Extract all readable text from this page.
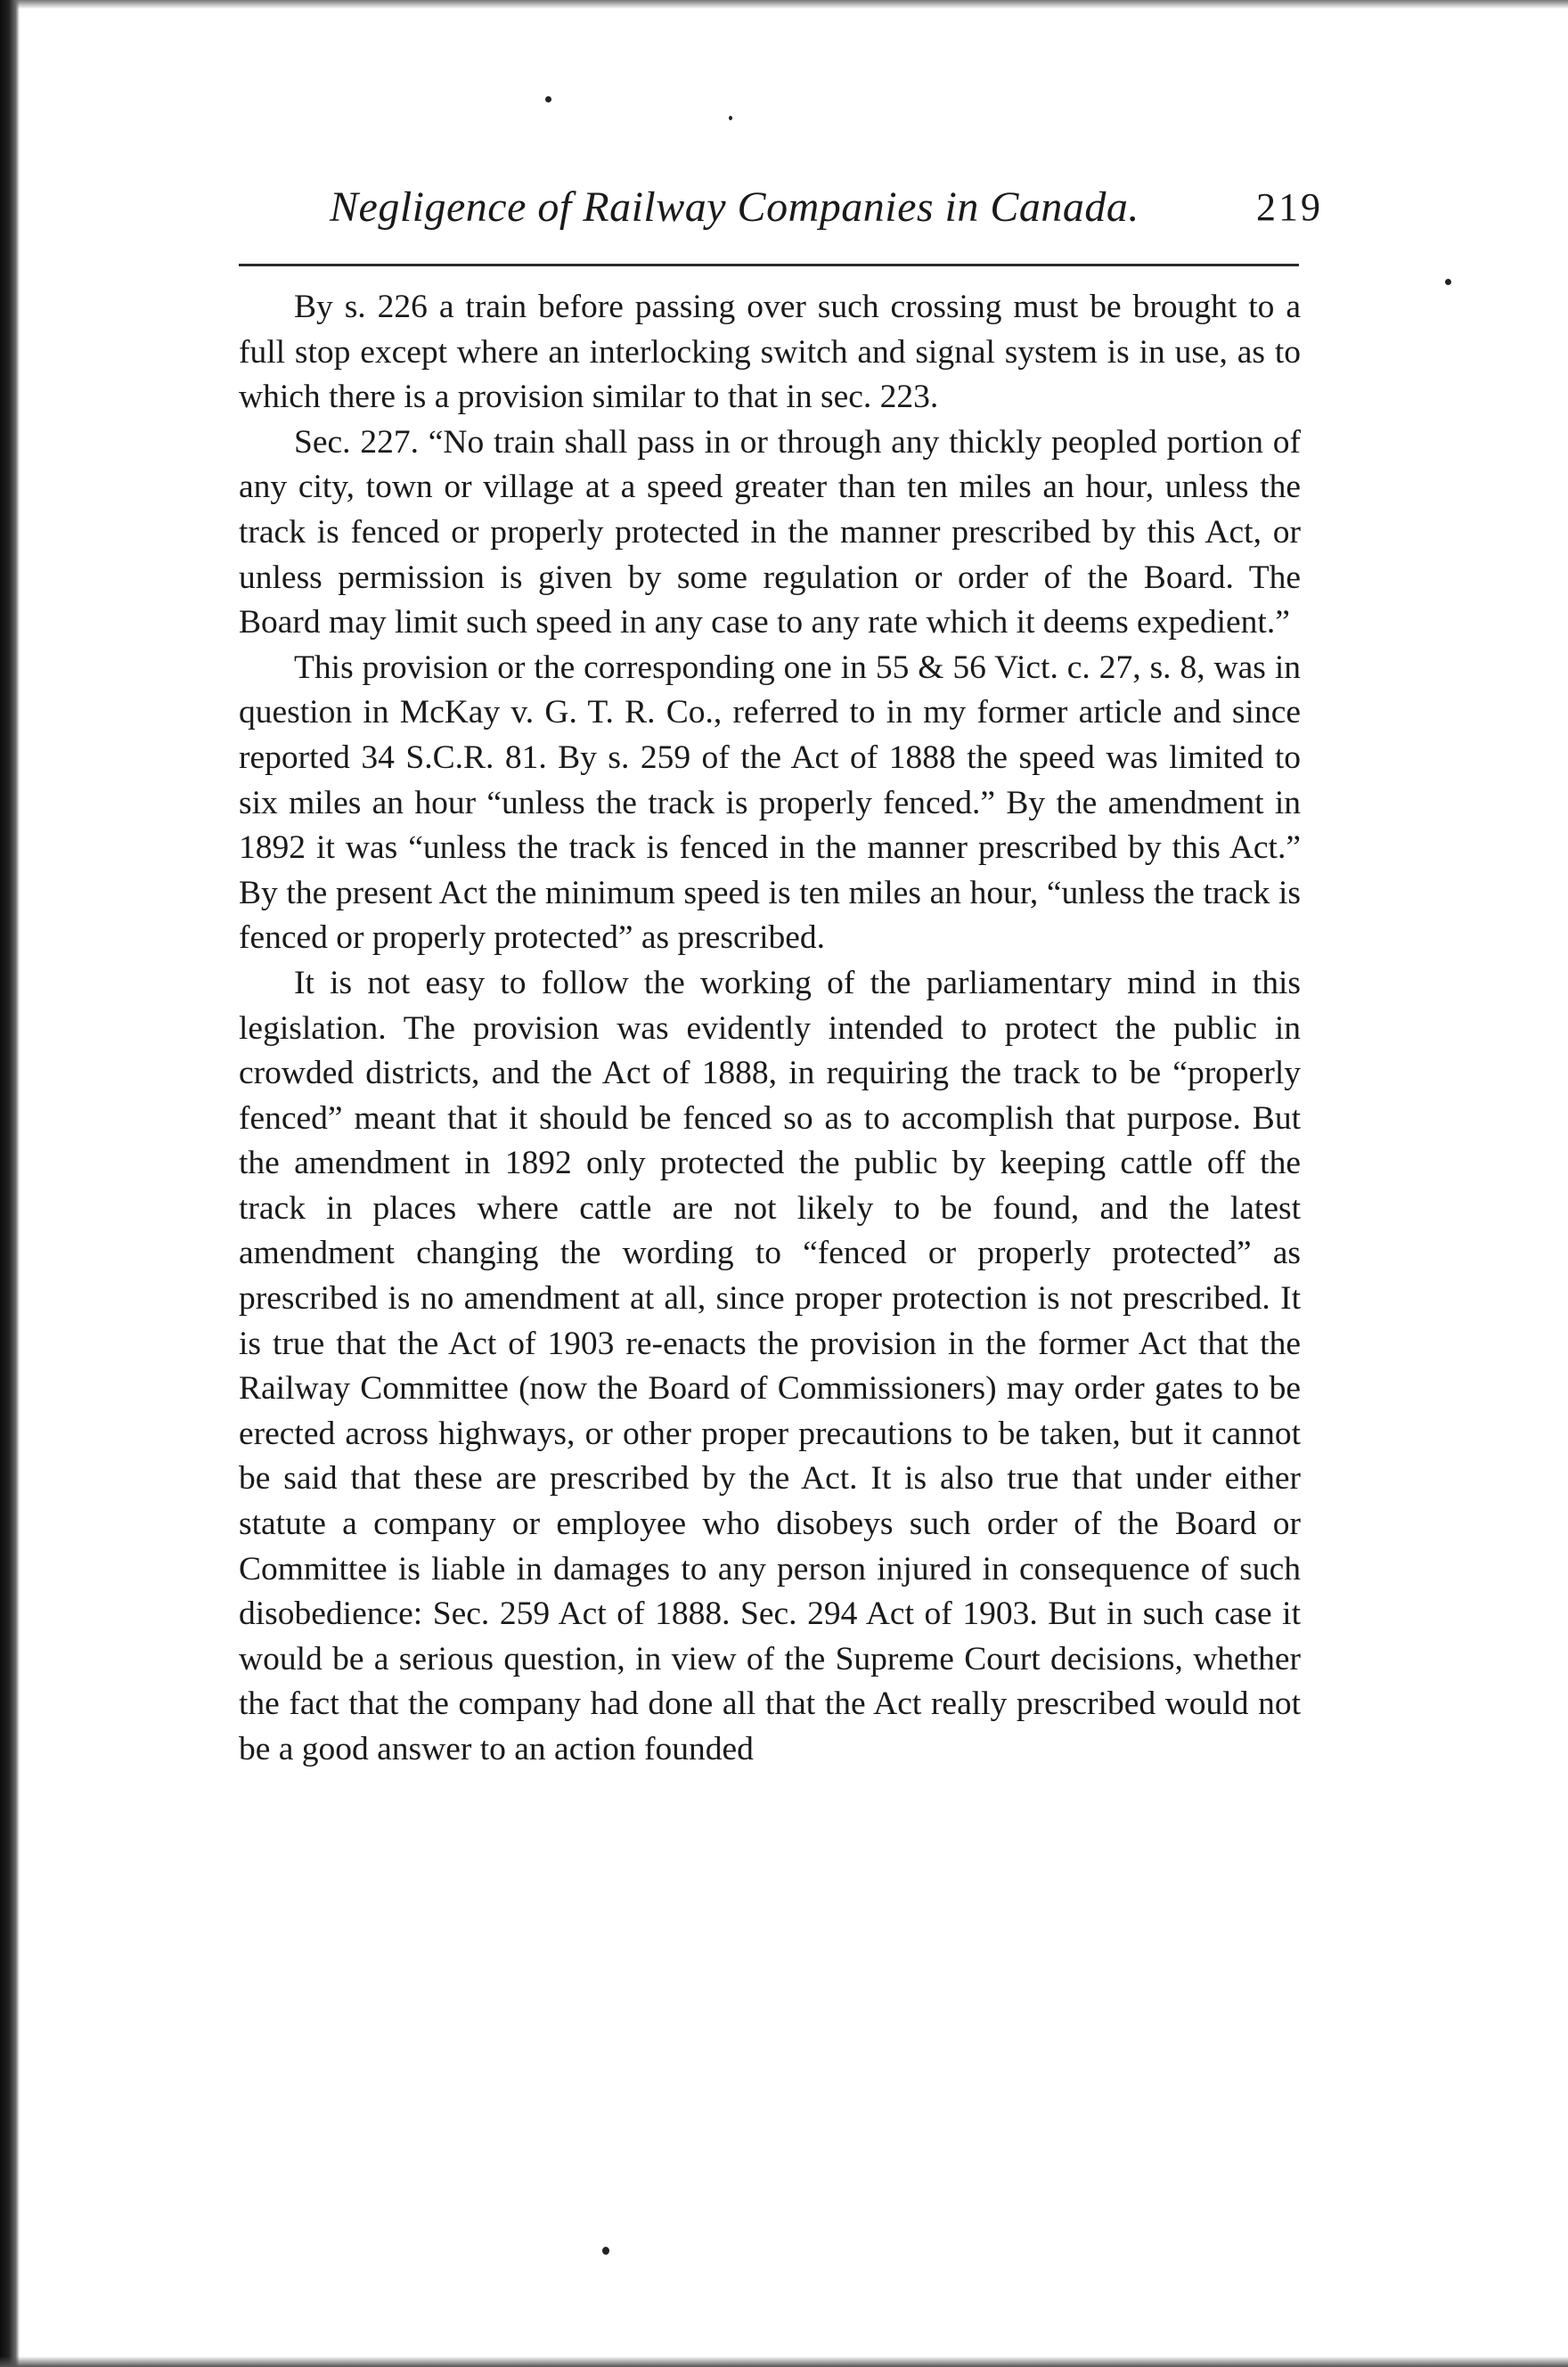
Negligence of Railway Companies in Canada.	219

By s. 226 a train before passing over such crossing must be brought to a full stop except where an interlocking switch and signal system is in use, as to which there is a provision similar to that in sec. 223.

Sec. 227. “No train shall pass in or through any thickly peopled portion of any city, town or village at a speed greater than ten miles an hour, unless the track is fenced or properly protected in the manner prescribed by this Act, or unless permission is given by some regulation or order of the Board. The Board may limit such speed in any case to any rate which it deems expedient.”

This provision or the corresponding one in 55 & 56 Vict. c. 27, s. 8, was in question in McKay v. G. T. R. Co., referred to in my former article and since reported 34 S.C.R. 81. By s. 259 of the Act of 1888 the speed was limited to six miles an hour “unless the track is properly fenced.” By the amendment in 1892 it was “unless the track is fenced in the manner prescribed by this Act.” By the present Act the minimum speed is ten miles an hour, “unless the track is fenced or properly protected” as prescribed.

It is not easy to follow the working of the parliamentary mind in this legislation. The provision was evidently intended to protect the public in crowded districts, and the Act of 1888, in requiring the track to be “properly fenced” meant that it should be fenced so as to accomplish that purpose. But the amendment in 1892 only protected the public by keeping cattle off the track in places where cattle are not likely to be found, and the latest amendment changing the wording to “fenced or properly protected” as prescribed is no amendment at all, since proper protection is not prescribed. It is true that the Act of 1903 re-enacts the provision in the former Act that the Railway Committee (now the Board of Commissioners) may order gates to be erected across highways, or other proper precautions to be taken, but it cannot be said that these are prescribed by the Act. It is also true that under either statute a company or employee who disobeys such order of the Board or Committee is liable in damages to any person injured in consequence of such disobedience: Sec. 259 Act of 1888. Sec. 294 Act of 1903. But in such case it would be a serious question, in view of the Supreme Court decisions, whether the fact that the company had done all that the Act really prescribed would not be a good answer to an action founded
